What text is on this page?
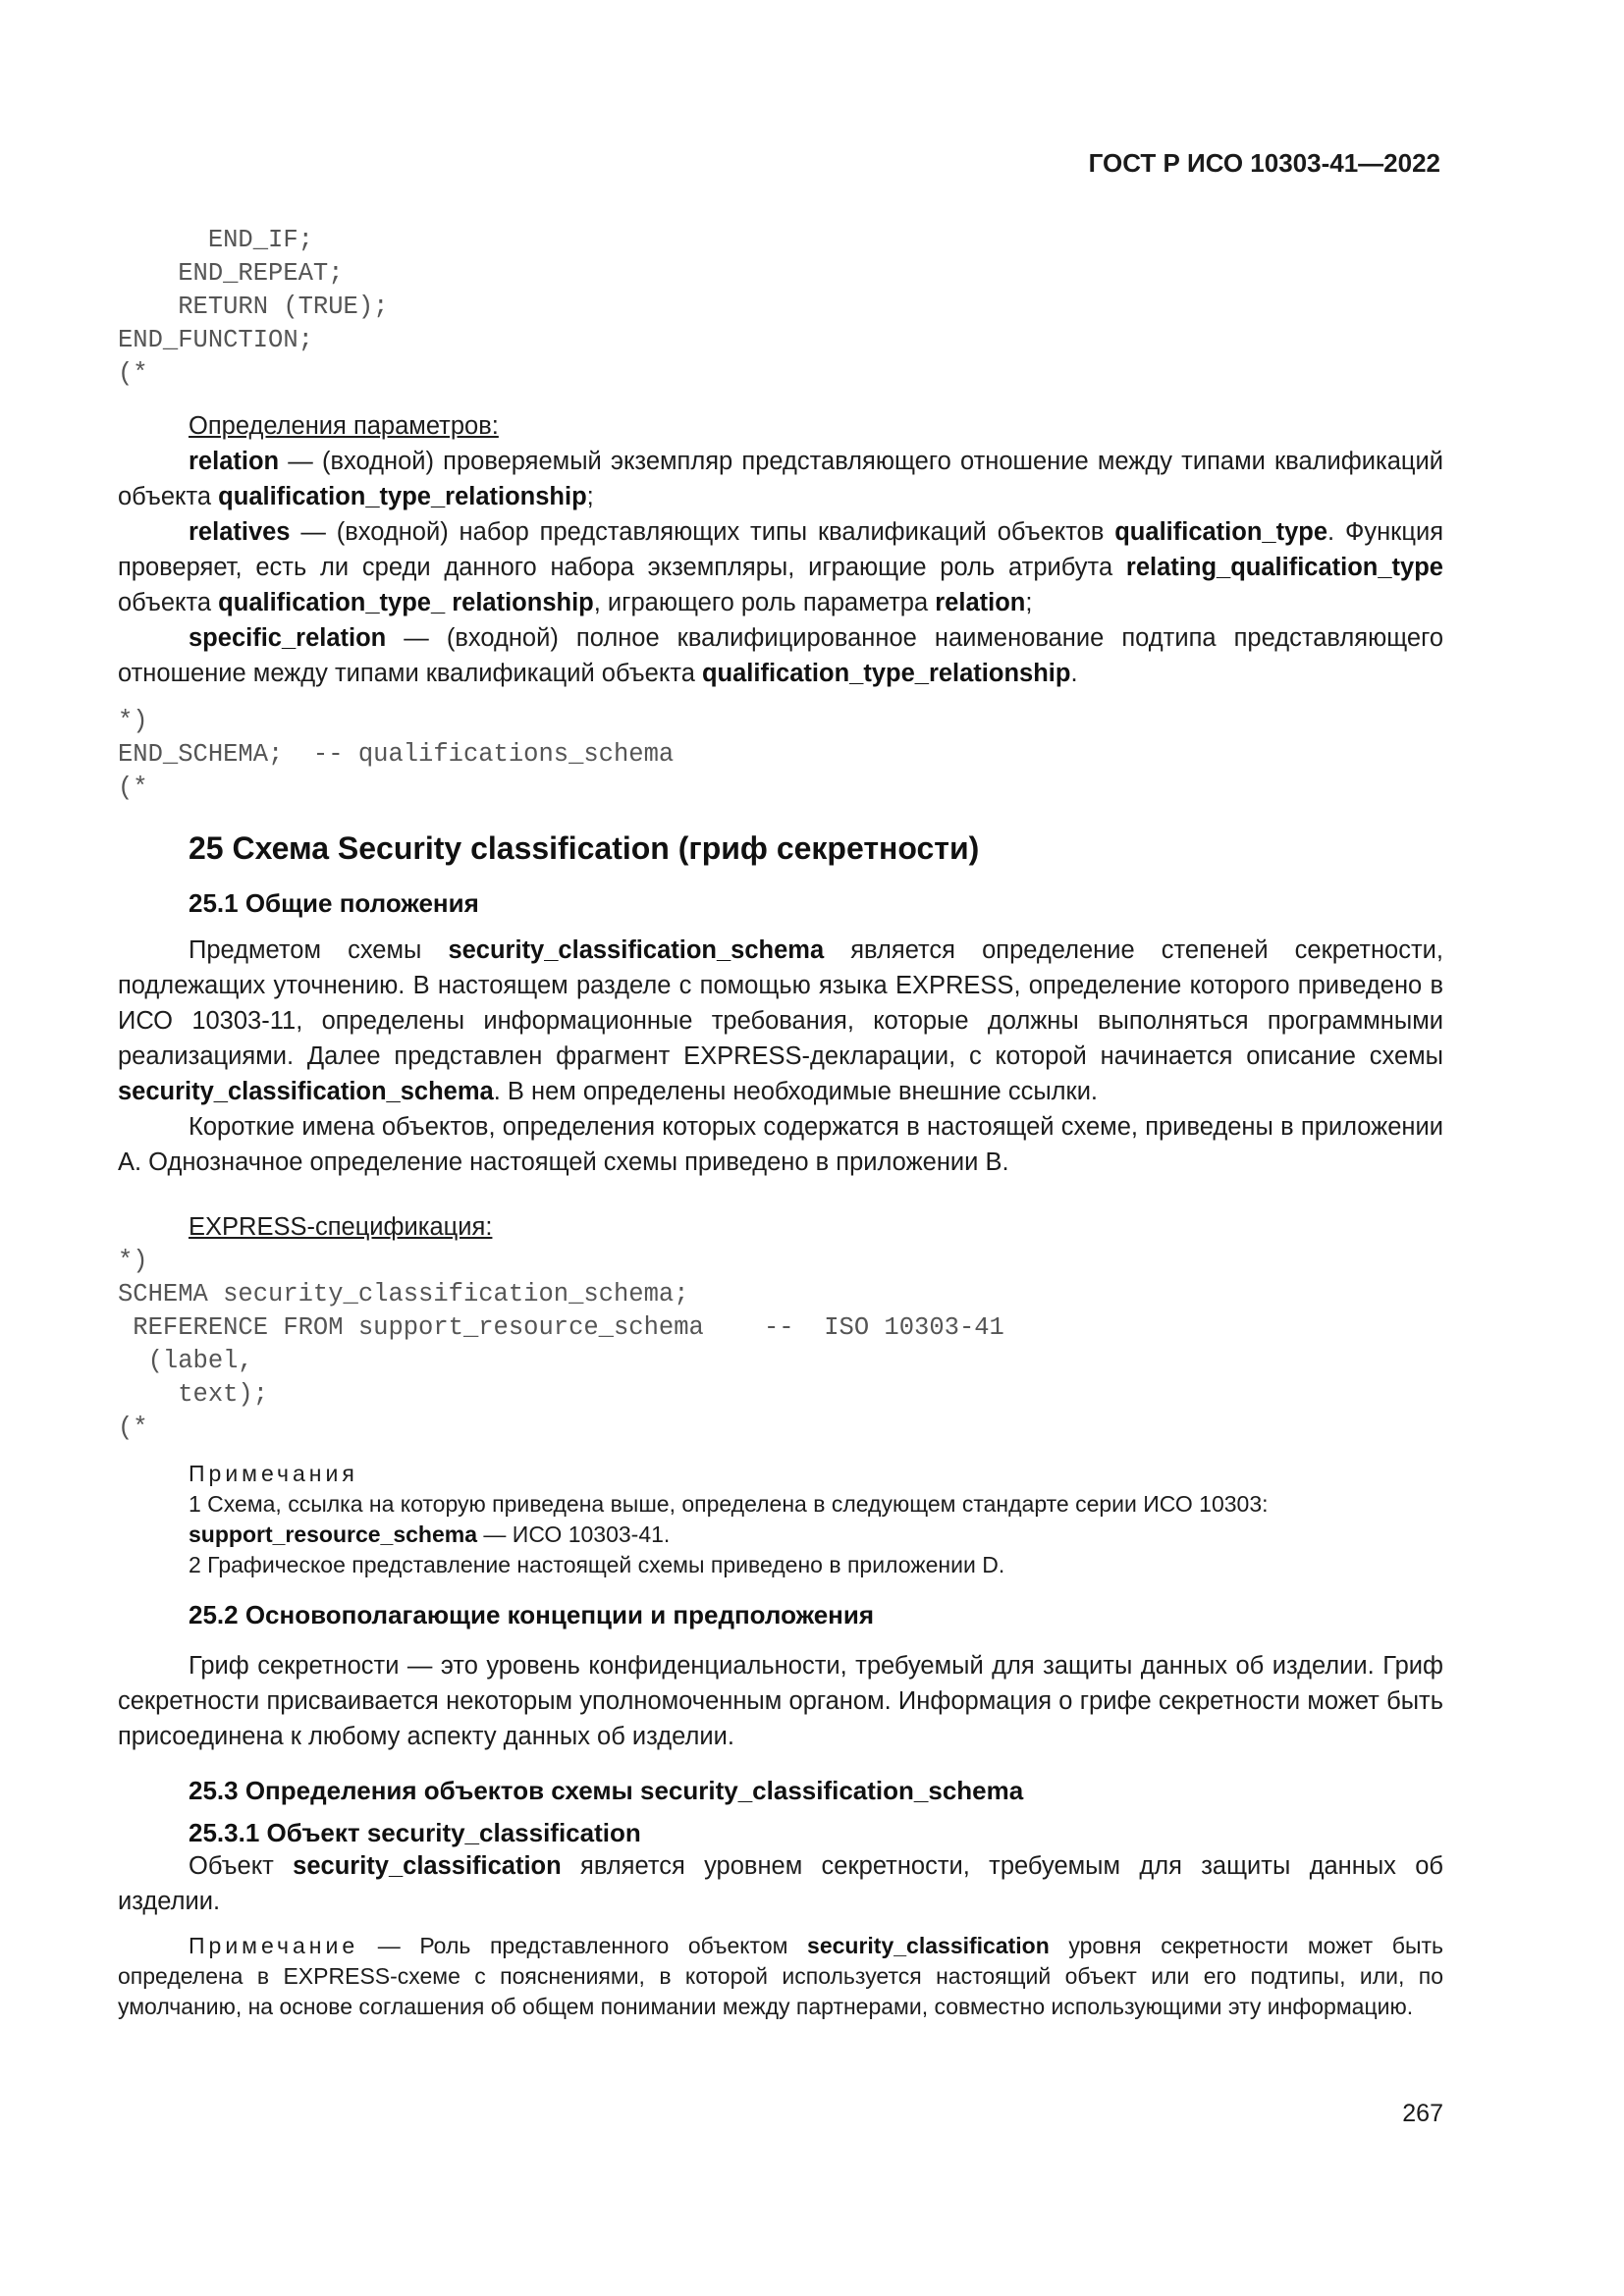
ГОСТ Р ИСО 10303-41—2022
END_IF;
END_REPEAT;
RETURN (TRUE);
END_FUNCTION;
(*

Определения параметров:

relation — (входной) проверяемый экземпляр представляющего отношение между типами квалификаций объекта qualification_type_relationship;

relatives — (входной) набор представляющих типы квалификаций объектов qualification_type. Функция проверяет, есть ли среди данного набора экземпляры, играющие роль атрибута relating_qualification_type объекта qualification_type_ relationship, играющего роль параметра relation;

specific_relation — (входной) полное квалифицированное наименование подтипа представляющего отношение между типами квалификаций объекта qualification_type_relationship.

*)
END_SCHEMA;  -- qualifications_schema
(*
25 Схема Security classification (гриф секретности)
25.1 Общие положения

Предметом схемы security_classification_schema является определение степеней секретности, подлежащих уточнению. В настоящем разделе с помощью языка EXPRESS, определение которого приведено в ИСО 10303-11, определены информационные требования, которые должны выполняться программными реализациями. Далее представлен фрагмент EXPRESS-декларации, с которой начинается описание схемы security_classification_schema. В нем определены необходимые внешние ссылки.

Короткие имена объектов, определения которых содержатся в настоящей схеме, приведены в приложении А. Однозначное определение настоящей схемы приведено в приложении В.

EXPRESS-спецификация:

*)
SCHEMA security_classification_schema;
REFERENCE FROM support_resource_schema    --  ISO 10303-41
(label,
text);
(*

Примечания

1 Схема, ссылка на которую приведена выше, определена в следующем стандарте серии ИСО 10303:
support_resource_schema — ИСО 10303-41.

2 Графическое представление настоящей схемы приведено в приложении D.

25.2 Основополагающие концепции и предположения

Гриф секретности — это уровень конфиденциальности, требуемый для защиты данных об изделии. Гриф секретности присваивается некоторым уполномоченным органом. Информация о грифе секретности может быть присоединена к любому аспекту данных об изделии.

25.3 Определения объектов схемы security_classification_schema
25.3.1 Объект security_classification

Объект security_classification является уровнем секретности, требуемым для защиты данных об изделии.

Примечание — Роль представленного объектом security_classification уровня секретности может быть определена в EXPRESS-схеме с пояснениями, в которой используется настоящий объект или его подтипы, или, по умолчанию, на основе соглашения об общем понимании между партнерами, совместно использующими эту информацию.

267
